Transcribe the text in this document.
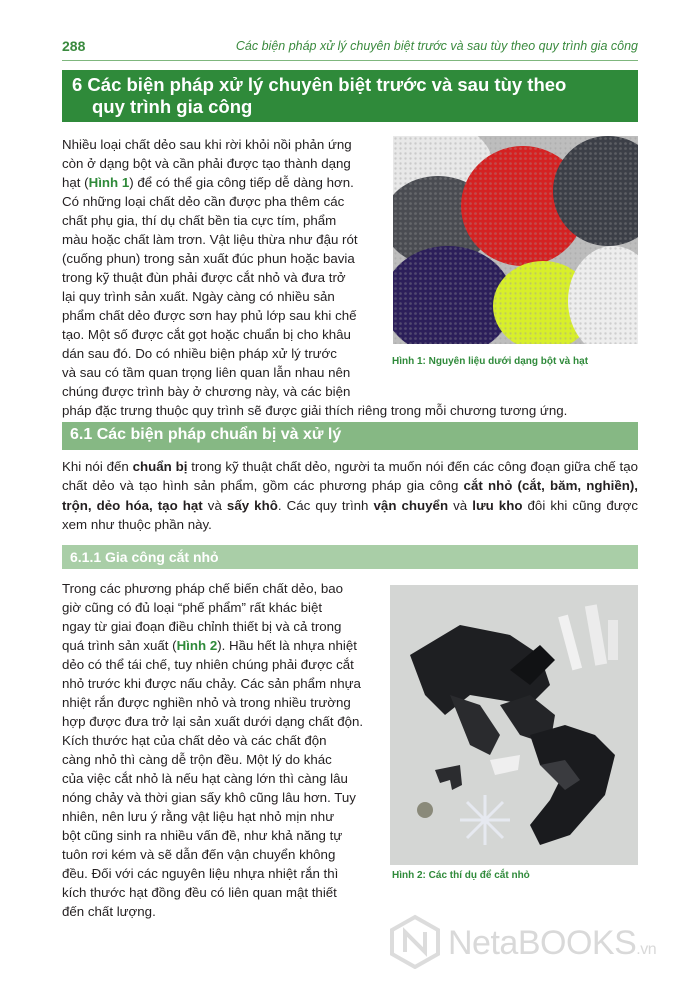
288	Các biện pháp xử lý chuyên biệt trước và sau tùy theo quy trình gia công
6 Các biện pháp xử lý chuyên biệt trước và sau tùy theo
quy trình gia công
Nhiều loại chất dẻo sau khi rời khỏi nồi phản ứng
còn ở dạng bột và cần phải được tạo thành dạng
hạt (Hình 1) để có thể gia công tiếp dễ dàng hơn.
Có những loại chất dẻo cần được pha thêm các
chất phụ gia, thí dụ chất bền tia cực tím, phẩm
màu hoặc chất làm trơn. Vật liệu thừa như đậu rót
(cuống phun) trong sản xuất đúc phun hoặc bavia
trong kỹ thuật đùn phải được cắt nhỏ và đưa trở
lại quy trình sản xuất. Ngày càng có nhiều sản
phẩm chất dẻo được sơn hay phủ lớp sau khi chế
tạo. Một số được cắt gọt hoặc chuẩn bị cho khâu
dán sau đó. Do có nhiều biện pháp xử lý trước
và sau có tầm quan trọng liên quan lẫn nhau nên
chúng được trình bày ở chương này, và các biện
pháp đặc trưng thuộc quy trình sẽ được giải thích riêng trong mỗi chương tương ứng.
Hình 1: Nguyên liệu dưới dạng bột và hạt
6.1 Các biện pháp chuẩn bị và xử lý
Khi nói đến chuẩn bị trong kỹ thuật chất dẻo, người ta muốn nói đến các công đoạn giữa chế tạo chất dẻo và tạo hình sản phẩm, gồm các phương pháp gia công cắt nhỏ (cắt, băm, nghiền), trộn, dẻo hóa, tạo hạt và sấy khô. Các quy trình vận chuyển và lưu kho đôi khi cũng được xem như thuộc phần này.
6.1.1 Gia công cắt nhỏ
Trong các phương pháp chế biến chất dẻo, bao
giờ cũng có đủ loại “phế phẩm” rất khác biệt
ngay từ giai đoạn điều chỉnh thiết bị và cả trong
quá trình sản xuất (Hình 2). Hầu hết là nhựa nhiệt
dẻo có thể tái chế, tuy nhiên chúng phải được cắt
nhỏ trước khi được nấu chảy. Các sản phẩm nhựa
nhiệt rắn được nghiền nhỏ và trong nhiều trường
hợp được đưa trở lại sản xuất dưới dạng chất độn.
Kích thước hạt của chất dẻo và các chất độn
càng nhỏ thì càng dễ trộn đều. Một lý do khác
của việc cắt nhỏ là nếu hạt càng lớn thì càng lâu
nóng chảy và thời gian sấy khô cũng lâu hơn. Tuy
nhiên, nên lưu ý rằng vật liệu hạt nhỏ mịn như
bột cũng sinh ra nhiều vấn đề, như khả năng tự
tuôn rơi kém và sẽ dẫn đến vận chuyển không
đều. Đối với các nguyên liệu nhựa nhiệt rắn thì
kích thước hạt đồng đều có liên quan mật thiết
đến chất lượng.
Hình 2: Các thí dụ để cắt nhỏ
NetaBOOKS.vn
